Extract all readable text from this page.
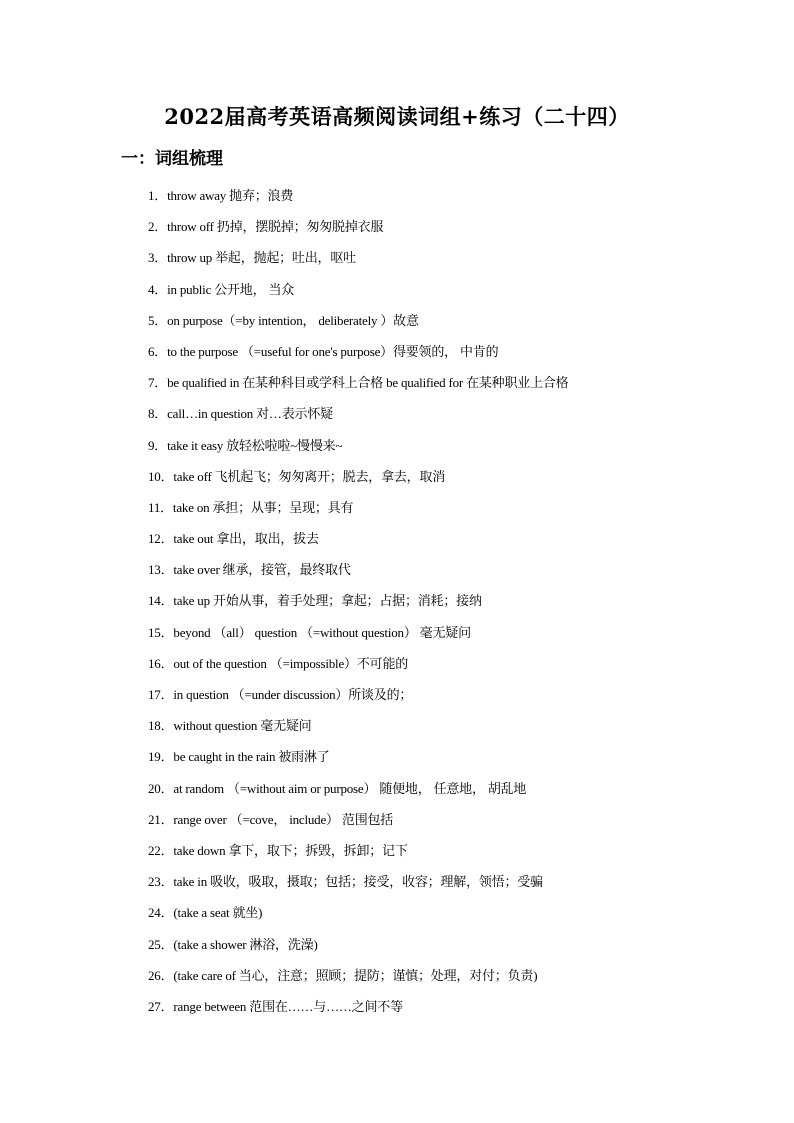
2022届高考英语高频阅读词组+练习（二十四）
一：词组梳理
1．throw away 抛弃；浪费
2．throw off 扔掉，摆脱掉；匆匆脱掉衣服
3．throw up 举起，抛起；吐出，呕吐
4．in public 公开地， 当众
5．on purpose（=by intention， deliberately ）故意
6．to the purpose （=useful for one's purpose）得要领的， 中肯的
7．be qualified in 在某种科目或学科上合格 be qualified for 在某种职业上合格
8．call…in question 对…表示怀疑
9．take it easy 放轻松啦啦~慢慢来~
10．take off 飞机起飞；匆匆离开；脱去，拿去，取消
11．take on 承担；从事；呈现；具有
12．take out 拿出，取出，拔去
13．take over 继承，接管，最终取代
14．take up 开始从事，着手处理；拿起；占据；消耗；接纳
15．beyond （all） question （=without question） 毫无疑问
16．out of the question （=impossible）不可能的
17．in question （=under discussion）所谈及的；
18．without question 毫无疑问
19．be caught in the rain 被雨淋了
20．at random （=without aim or purpose） 随便地， 任意地， 胡乱地
21．range over （=cove， include） 范围包括
22．take down 拿下，取下；拆毁，拆卸；记下
23．take in 吸收，吸取，摄取；包括；接受，收容；理解，领悟；受骗
24．(take a seat 就坐)
25．(take a shower 淋浴，洗澡)
26．(take care of 当心，注意；照顾；提防；谨慎；处理，对付；负责)
27．range between 范围在……与……之间不等
